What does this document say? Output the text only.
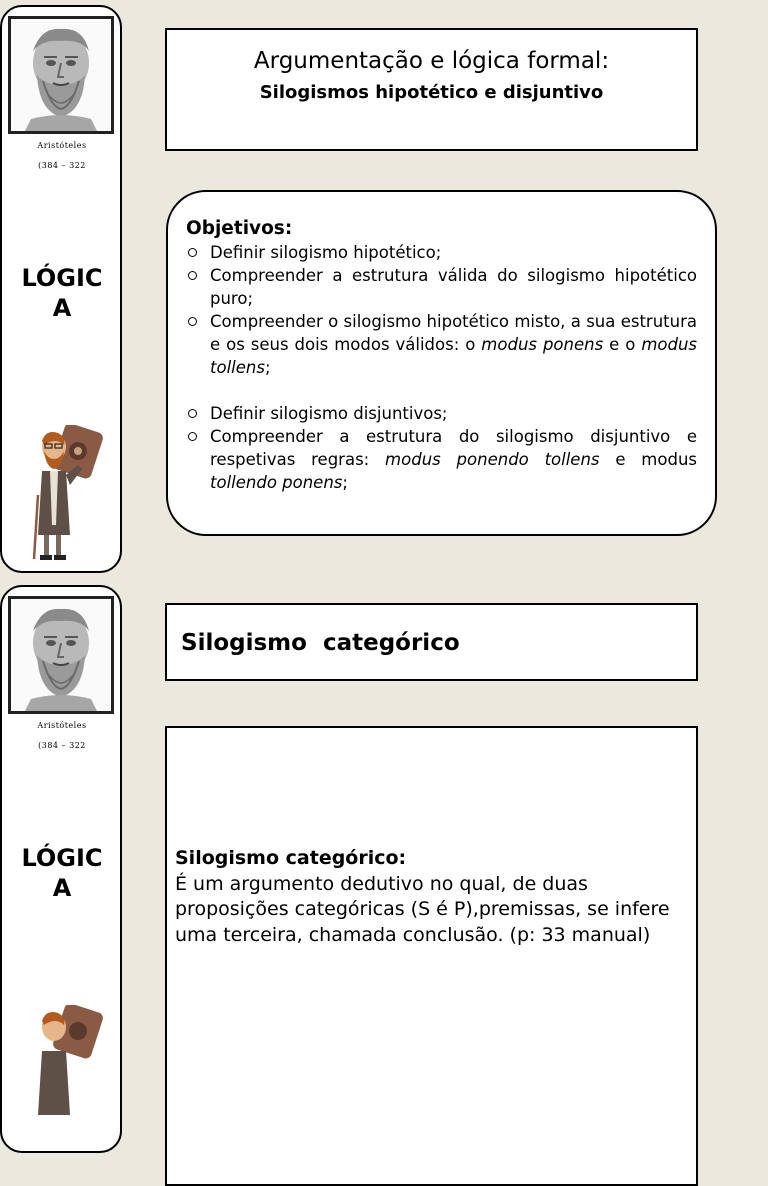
Aristóteles
(384 – 322
LÓGIC
A
Argumentação e lógica formal:
Silogismos hipotético e disjuntivo
Objetivos:
Definir silogismo hipotético;
Compreender a estrutura válida do silogismo hipotético puro;
Compreender o silogismo hipotético misto, a sua estrutura e os seus dois modos válidos: o modus ponens e o modus tollens;
Definir silogismo disjuntivos;
Compreender a estrutura do silogismo disjuntivo e respetivas regras: modus ponendo tollens e modus tollendo ponens;
Aristóteles
(384 – 322
LÓGIC
A
Silogismo  categórico
Silogismo categórico:
É um argumento dedutivo no qual, de duas proposições categóricas (S é P),premissas, se infere uma terceira, chamada conclusão. (p: 33 manual)
